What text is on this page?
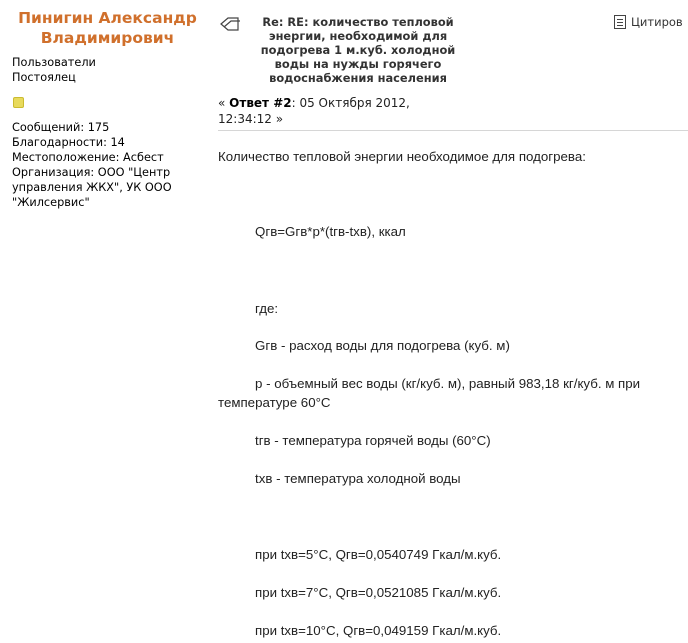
Пинигин Александр Владимирович
Пользователи
Постоялец
Сообщений: 175
Благодарности: 14
Местоположение: Асбест
Организация: ООО "Центр управления ЖКХ", УК ООО "Жилсервис"
Re: RE: количество тепловой энергии, необходимой для подогрева 1 м.куб. холодной воды на нужды горячего водоснабжения населения
Цитиров
« Ответ #2: 05 Октября 2012, 12:34:12 »
Количество тепловой энергии необходимое для подогрева:
Qгв=Gгв*р*(tгв-tхв), ккал
где:
Gгв - расход воды для подогрева (куб. м)
р - объемный вес воды (кг/куб. м), равный 983,18 кг/куб. м при температуре 60°С
tгв - температура горячей воды (60°С)
tхв - температура холодной воды
при tхв=5°С, Qгв=0,0540749 Гкал/м.куб.
при tхв=7°С, Qгв=0,0521085 Гкал/м.куб.
при tхв=10°С, Qгв=0,049159 Гкал/м.куб.
